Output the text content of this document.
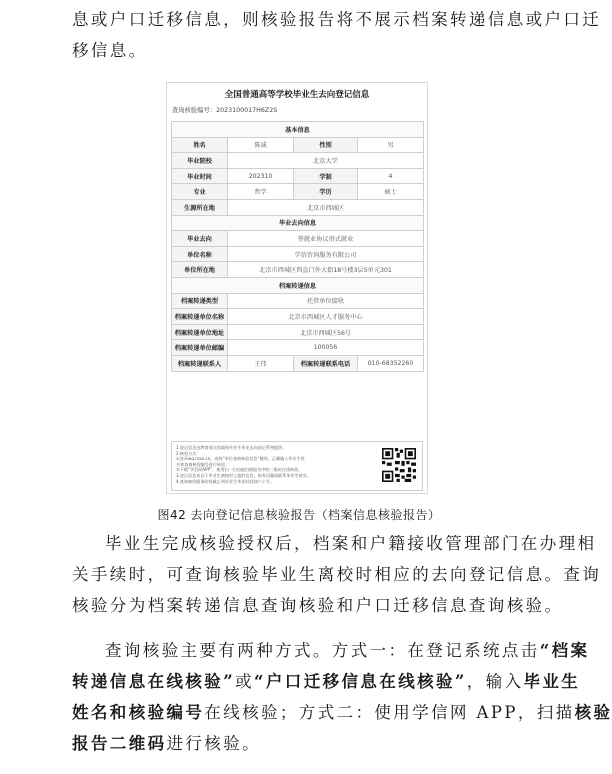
息或户口迁移信息，则核验报告将不展示档案转递信息或户口迁
移信息。
全国普通高等学校毕业生去向登记信息
查询核验编号：2023100017H6Z2S
基本信息			
姓名	陈诚	性别	男
毕业院校	北京大学		
毕业时间	202310	学制	4
专业	哲学	学历	硕士
生源所在地	北京市西城区		
毕业去向信息			
毕业去向	签就业协议形式就业		
单位名称	学信咨询服务有限公司		
单位所在地	北京市西城区西直门外大街18号楼3层5单元301		
档案转递信息			
档案转递类型	托管单位接收		
档案转递单位名称	北京市西城区人才服务中心		
档案转递单位地址	北京市西城区56号		
档案转递单位邮编	100056		
档案转递联系人	王伟	档案转递联系电话	010-68352260
1.登记信息由教育部全国高校毕业生毕业去向登记系统提供。
2.核验方式：
①登录wq.ncss.cn，选择“单位查询核验信息”模块，正确输入毕业生姓
名和查询核验编号进行核验；
②下载“学信网APP”，使用扫一扫功能扫描报告中的二维码在线核验。
3.登记信息来自于毕业生离校时上报的信息，如有问题请联系毕业生核实。
4.查询核验服务时间截止到毕业生毕业时间加六个月。
图42 去向登记信息核验报告（档案信息核验报告）
毕业生完成核验授权后，档案和户籍接收管理部门在办理相
关手续时，可查询核验毕业生离校时相应的去向登记信息。查询
核验分为档案转递信息查询核验和户口迁移信息查询核验。
查询核验主要有两种方式。方式一：在登记系统点击“档案
转递信息在线核验”或“户口迁移信息在线核验”，输入毕业生
姓名和核验编号在线核验；方式二：使用学信网 APP，扫描核验
报告二维码进行核验。
